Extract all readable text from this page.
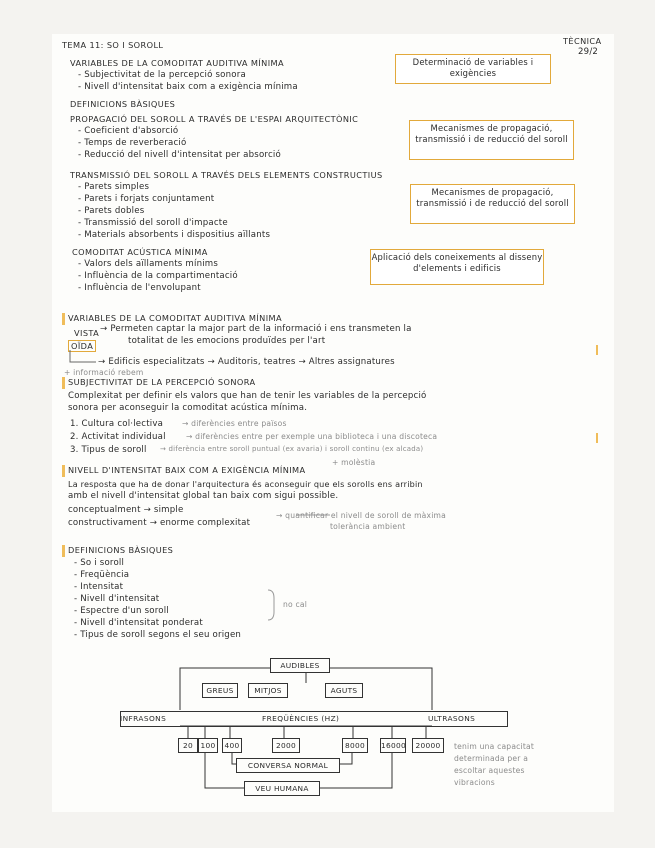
TEMA 11: SO I SOROLL	TÈCNICA
29/2
VARIABLES DE LA COMODITAT AUDITIVA MÍNIMA
- Subjectivitat de la percepció sonora
- Nivell d'intensitat baix com a exigència mínima
Determinació de variables i exigències
DEFINICIONS BÀSIQUES
PROPAGACIÓ DEL SOROLL A TRAVÉS DE L'ESPAI ARQUITECTÒNIC
- Coeficient d'absorció
- Temps de reverberació
- Reducció del nivell d'intensitat per absorció
Mecanismes de propagació, transmissió i de reducció del soroll
TRANSMISSIÓ DEL SOROLL A TRAVÉS DELS ELEMENTS CONSTRUCTIUS
- Parets simples
- Parets i forjats conjuntament
- Parets dobles
- Transmissió del soroll d'impacte
- Materials absorbents i dispositius aïllants
Mecanismes de propagació, transmissió i de reducció del soroll
COMODITAT ACÚSTICA MÍNIMA
- Valors dels aïllaments mínims
- Influència de la compartimentació
- Influència de l'envolupant
Aplicació dels coneixements al disseny d'elements i edificis
VARIABLES DE LA COMODITAT AUDITIVA MÍNIMA
VISTA
OÏDA
→ Permeten captar la major part de la informació i ens transmeten la
totalitat de les emocions produïdes per l'art
→ Edificis especialitzats → Auditoris, teatres → Altres assignatures
+ informació rebem
SUBJECTIVITAT DE LA PERCEPCIÓ SONORA
Complexitat per definir els valors que han de tenir les variables de la percepció
sonora per aconseguir la comoditat acústica mínima.
1. Cultura col·lectiva → diferències entre països
2. Activitat individual	→ diferències entre per exemple una biblioteca i una discoteca
3. Tipus de soroll → diferència entre soroll puntual (ex avaria) i soroll continu (ex alcada)
NIVELL D'INTENSITAT BAIX COM A EXIGÈNCIA MÍNIMA
+ molèstia
La resposta que ha de donar l'arquitectura és aconseguir que els sorolls ens arribin
amb el nivell d'intensitat global tan baix com sigui possible.
conceptualment → simple
constructivament → enorme complexitat
→ quantificar el nivell de soroll de màxima
tolerància ambient
DEFINICIONS BÀSIQUES
- So i soroll
- Freqüència
- Intensitat
- Nivell d'intensitat
- Espectre d'un soroll
- Nivell d'intensitat ponderat
- Tipus de soroll segons el seu origen
no cal
AUDIBLES
GREUS	MITJOS	AGUTS
INFRASONS	FREQÜÈNCIES (HZ)	ULTRASONS
20	100	400	2000	8000	16000	20000
CONVERSA NORMAL
VEU HUMANA
tenim una capacitat
determinada per a
escoltar aquestes
vibracions
